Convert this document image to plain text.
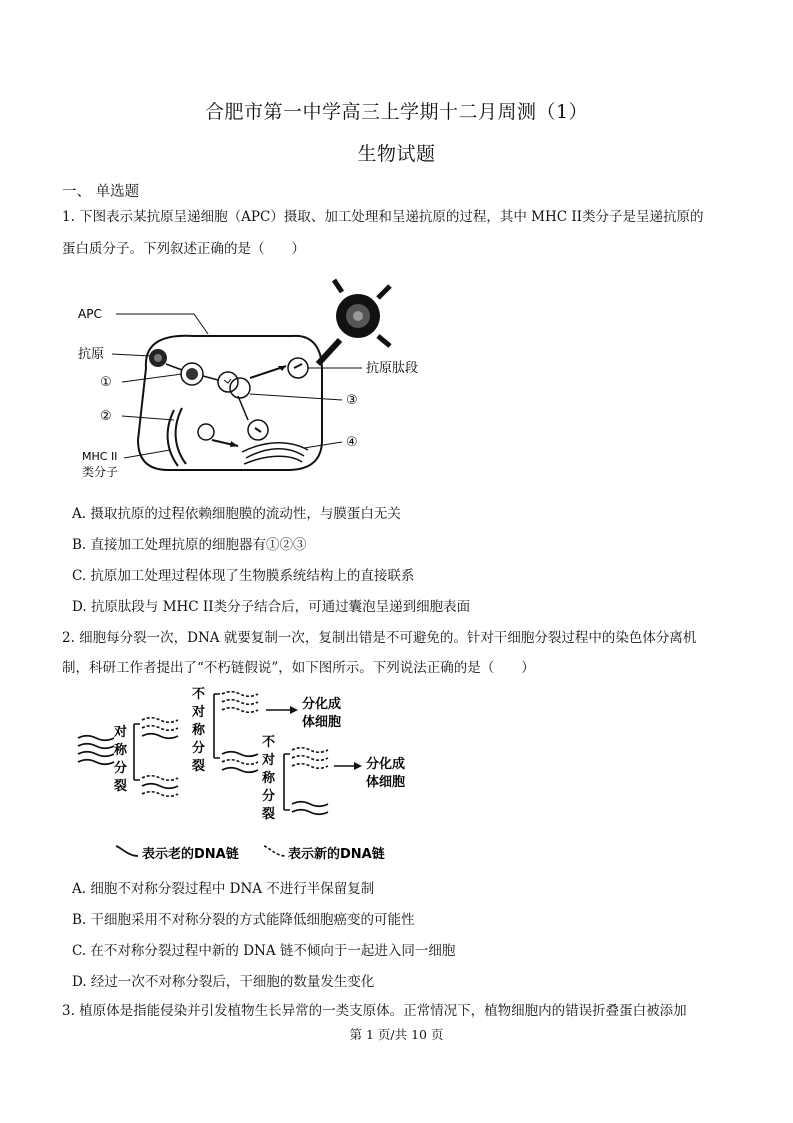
合肥市第一中学高三上学期十二月周测（1）
生物试题
一、 单选题
1. 下图表示某抗原呈递细胞（APC）摄取、加工处理和呈递抗原的过程，其中 MHC II类分子是呈递抗原的
蛋白质分子。下列叙述正确的是（　　）
APC
抗原
①
②
MHC II
类分子
抗原肽段
③
④
A. 摄取抗原的过程依赖细胞膜的流动性，与膜蛋白无关
B. 直接加工处理抗原的细胞器有①②③
C. 抗原加工处理过程体现了生物膜系统结构上的直接联系
D. 抗原肽段与 MHC II类分子结合后，可通过囊泡呈递到细胞表面
2. 细胞每分裂一次，DNA 就要复制一次，复制出错是不可避免的。针对干细胞分裂过程中的染色体分离机
制，科研工作者提出了“不朽链假说”，如下图所示。下列说法正确的是（　　）
对
称
分
裂
不
对
称
分
裂
不
对
称
分
裂
分化成
体细胞
分化成
体细胞
表示老的DNA链	表示新的DNA链
A. 细胞不对称分裂过程中 DNA 不进行半保留复制
B. 干细胞采用不对称分裂的方式能降低细胞癌变的可能性
C. 在不对称分裂过程中新的 DNA 链不倾向于一起进入同一细胞
D. 经过一次不对称分裂后，干细胞的数量发生变化
3. 植原体是指能侵染并引发植物生长异常的一类支原体。正常情况下，植物细胞内的错误折叠蛋白被添加
第 1 页/共 10 页
